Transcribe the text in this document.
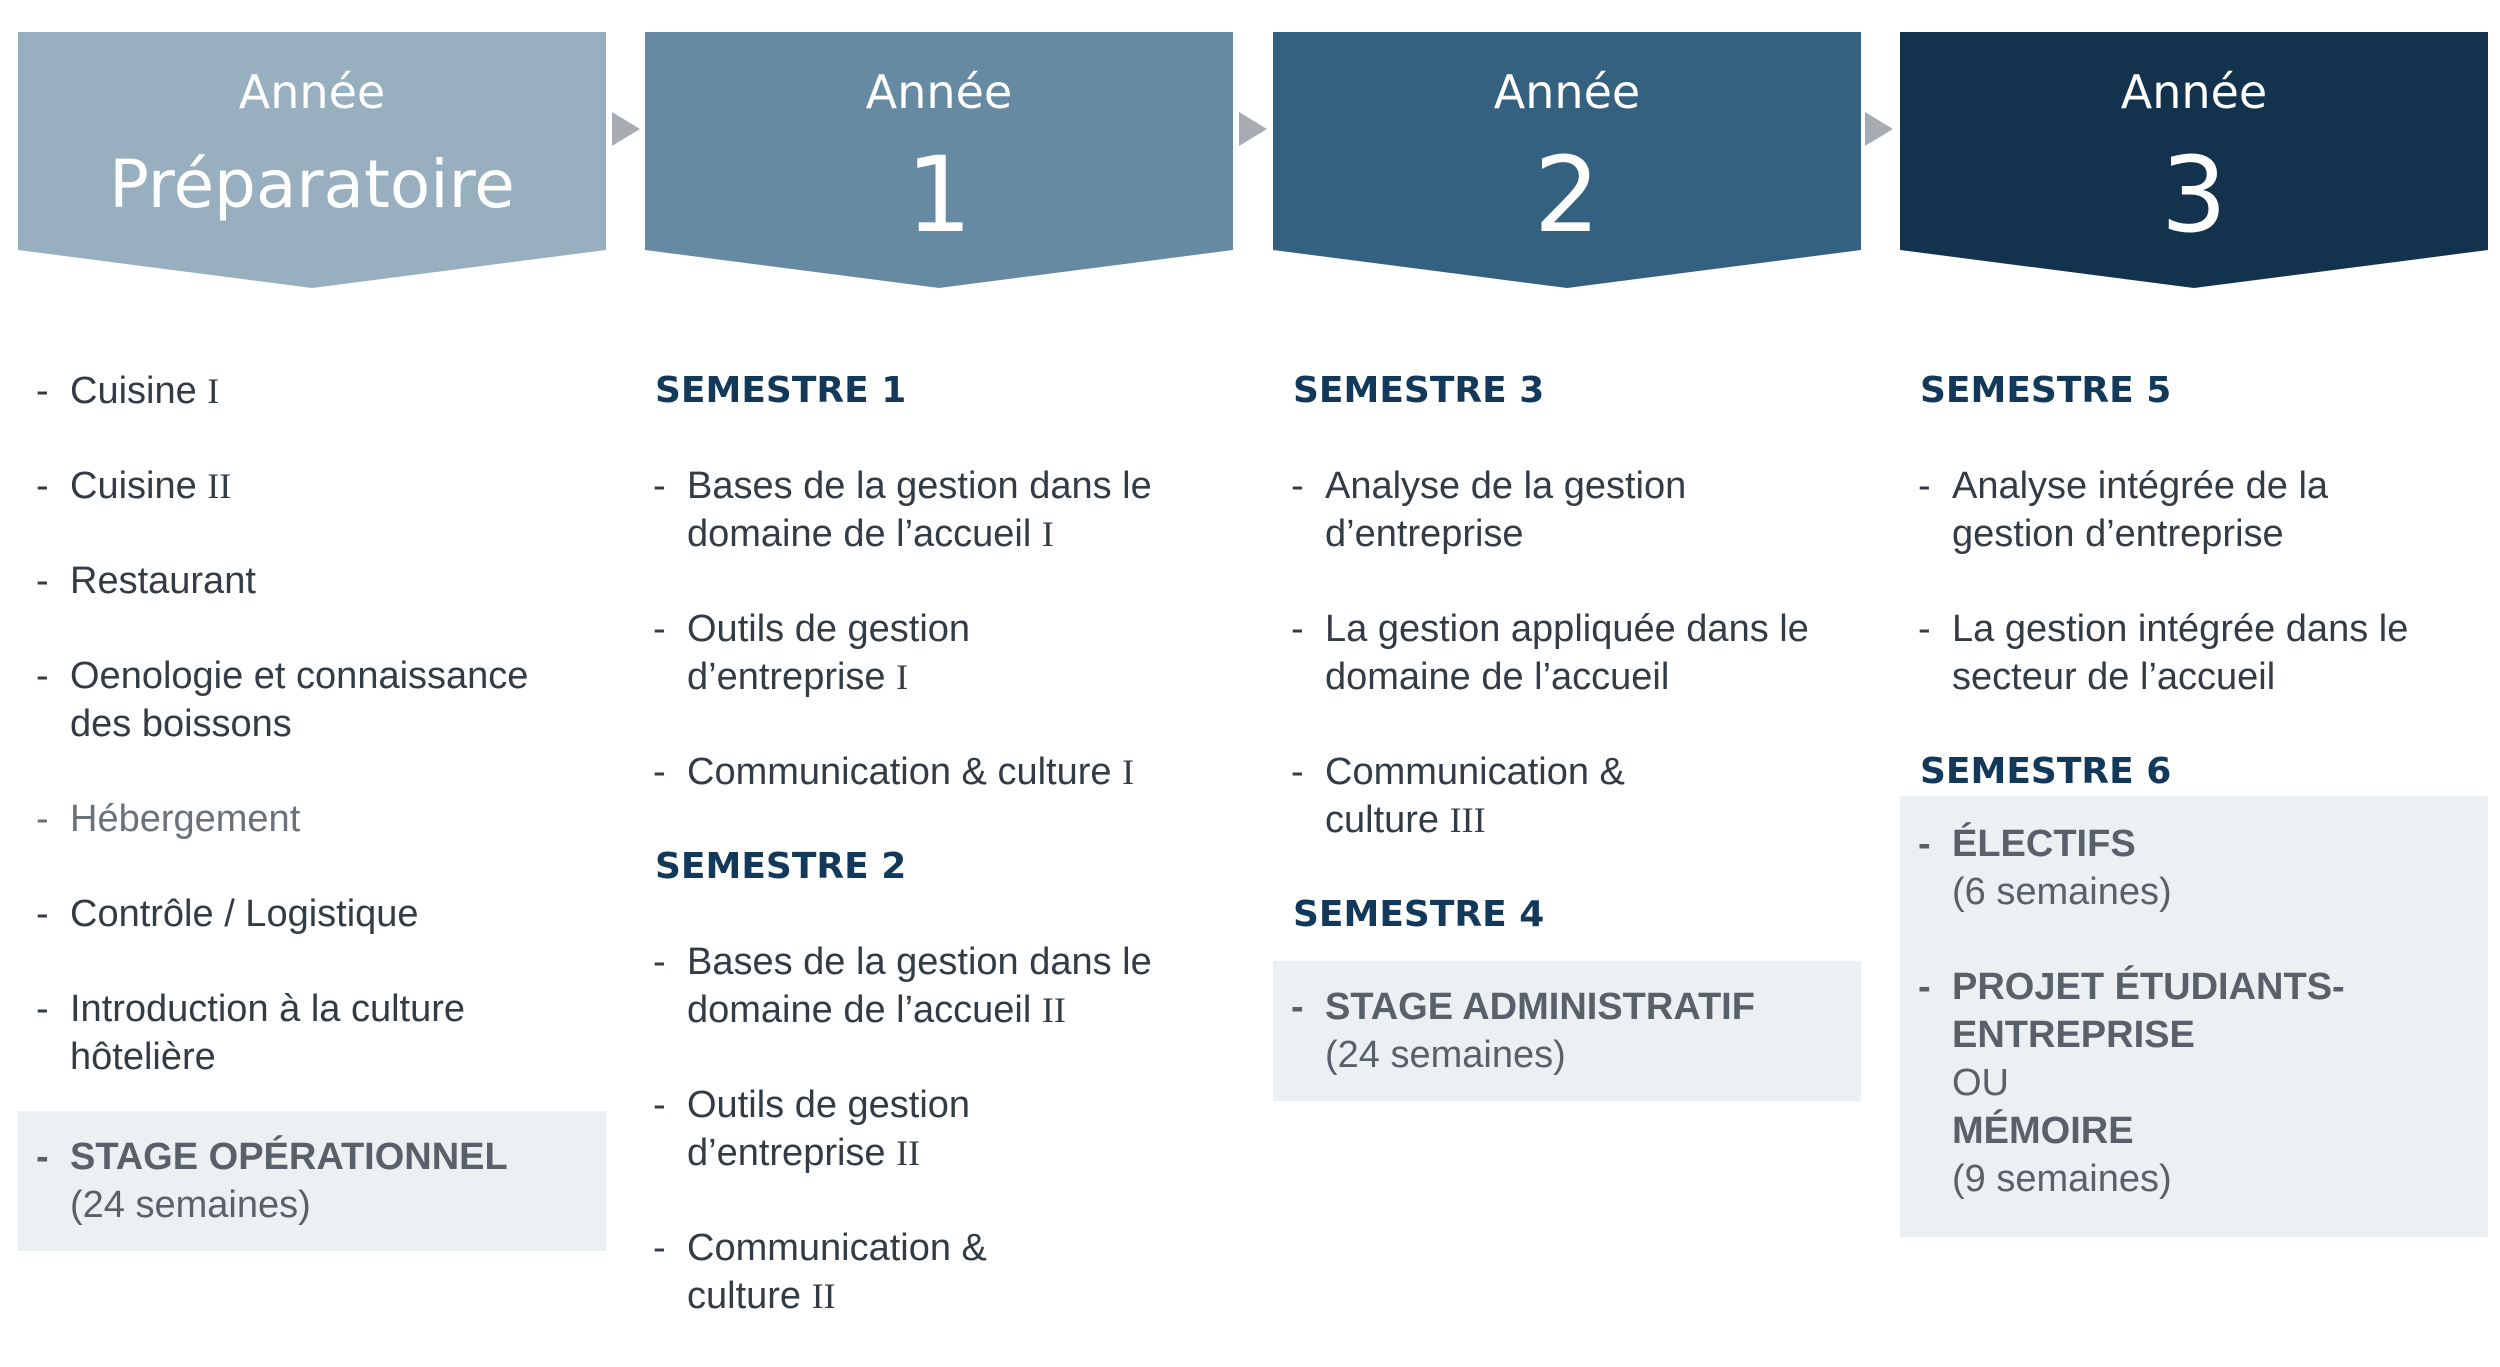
Année
Préparatoire
- Cuisine I
- Cuisine II
- Restaurant
- Oenologie et connaissance des boissons
- Hébergement
- Contrôle / Logistique
- Introduction à la culture hôtelière
- STAGE OPÉRATIONNEL
(24 semaines)
Année
1
SEMESTRE 1
- Bases de la gestion dans le domaine de l’accueil I
- Outils de gestion d’entreprise I
- Communication & culture I
SEMESTRE 2
- Bases de la gestion dans le domaine de l’accueil II
- Outils de gestion d’entreprise II
- Communication & culture II
Année
2
SEMESTRE 3
- Analyse de la gestion d’entreprise
- La gestion appliquée dans le domaine de l’accueil
- Communication & culture III
SEMESTRE 4
- STAGE ADMINISTRATIF
(24 semaines)
Année
3
SEMESTRE 5
- Analyse intégrée de la gestion d’entreprise
- La gestion intégrée dans le secteur de l’accueil
SEMESTRE 6
- ÉLECTIFS
(6 semaines)
- PROJET ÉTUDIANTS-
ENTREPRISE
OU
MÉMOIRE
(9 semaines)
